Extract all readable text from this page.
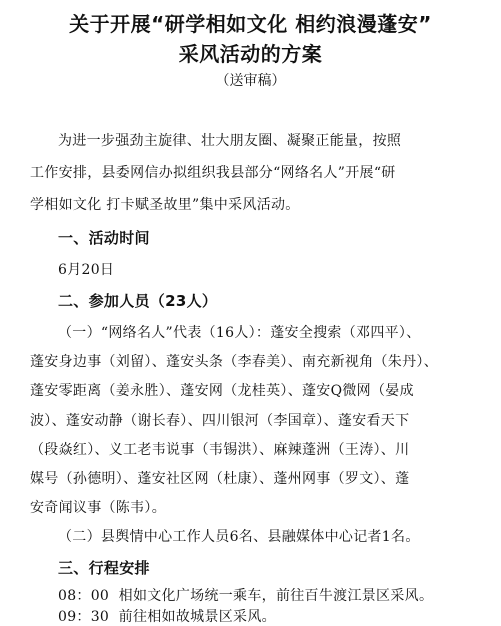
关于开展“研学相如文化 相约浪漫蓬安”
采风活动的方案
（送审稿）
为进一步强劲主旋律、壮大朋友圈、凝聚正能量，按照
工作安排，县委网信办拟组织我县部分“网络名人”开展“研
学相如文化 打卡赋圣故里”集中采风活动。
一、活动时间
6月20日
二、参加人员（23人）
（一）“网络名人”代表（16人）：蓬安全搜索（邓四平）、
蓬安身边事（刘留）、蓬安头条（李春美）、南充新视角（朱丹）、
蓬安零距离（姜永胜）、蓬安网（龙桂英）、蓬安Q微网（晏成
波）、蓬安动静（谢长春）、四川银河（李国章）、蓬安看天下
（段焱红）、义工老韦说事（韦锡洪）、麻辣蓬洲（王涛）、川
媒号（孙德明）、蓬安社区网（杜康）、蓬州网事（罗文）、蓬
安奇闻议事（陈韦）。
（二）县舆情中心工作人员6名、县融媒体中心记者1名。
三、行程安排
08：00 相如文化广场统一乘车，前往百牛渡江景区采风。
09：30 前往相如故城景区采风。
